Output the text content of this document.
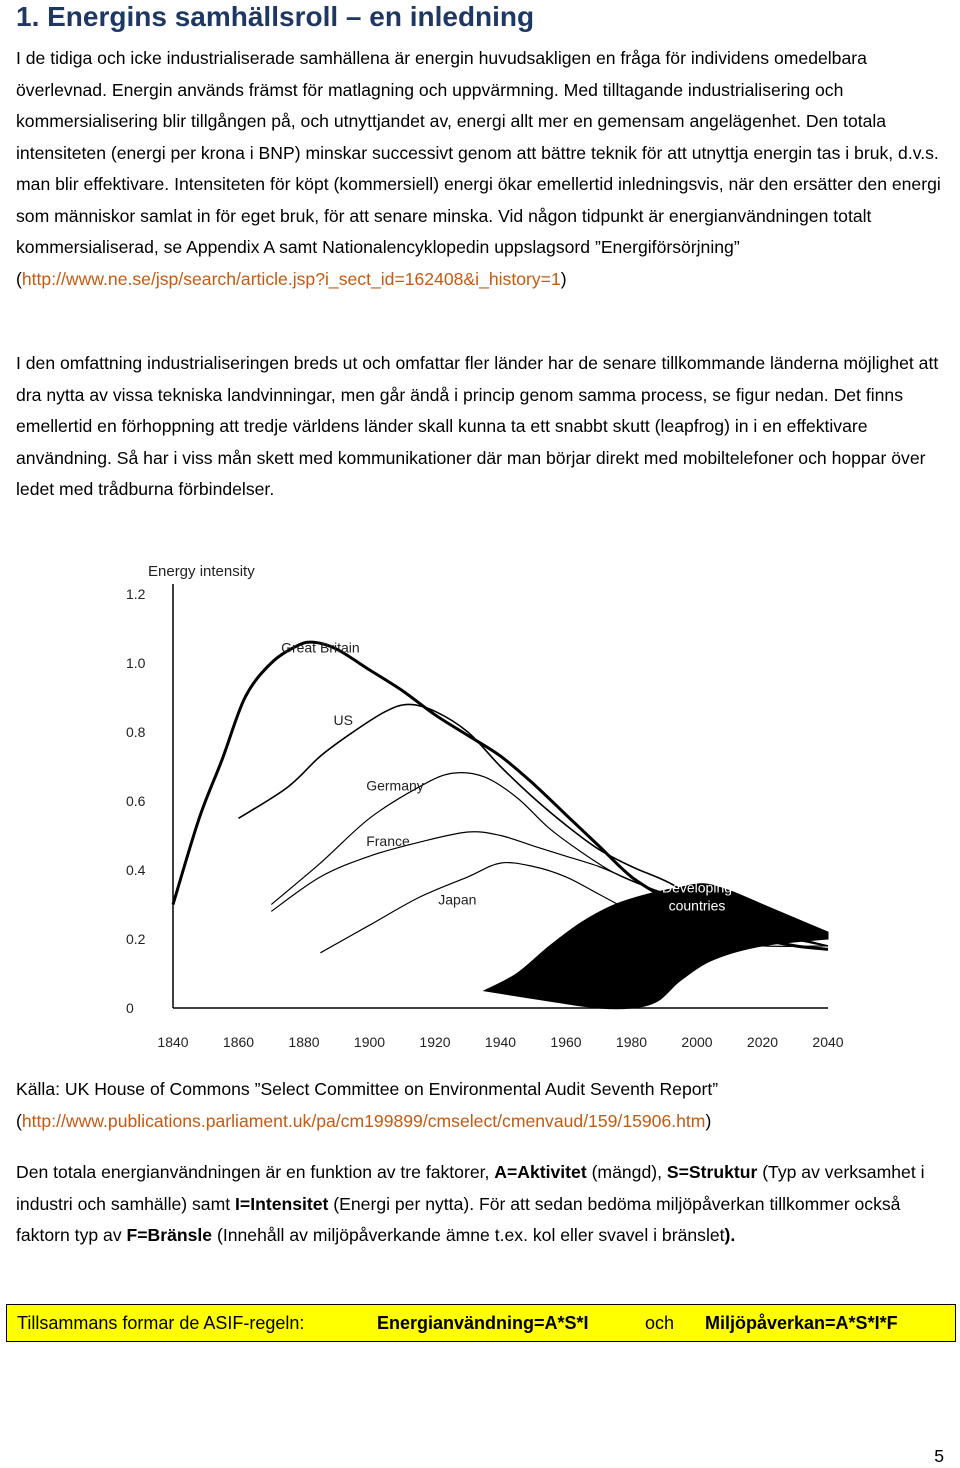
1. Energins samhällsroll – en inledning

I de tidiga och icke industrialiserade samhällena är energin huvudsakligen en fråga för individens omedelbara överlevnad. Energin används främst för matlagning och uppvärmning. Med tilltagande industrialisering och kommersialisering blir tillgången på, och utnyttjandet av, energi allt mer en gemensam angelägenhet. Den totala intensiteten (energi per krona i BNP) minskar successivt genom att bättre teknik för att utnyttja energin tas i bruk, d.v.s. man blir effektivare. Intensiteten för köpt (kommersiell) energi ökar emellertid inledningsvis, när den ersätter den energi som människor samlat in för eget bruk, för att senare minska. Vid någon tidpunkt är energianvändningen totalt kommersialiserad, se Appendix A samt Nationalencyklopedin uppslagsord ”Energiförsörjning” (http://www.ne.se/jsp/search/article.jsp?i_sect_id=162408&i_history=1)

I den omfattning industrialiseringen breds ut och omfattar fler länder har de senare tillkommande länderna möjlighet att dra nytta av vissa tekniska landvinningar, men går ändå i princip genom samma process, se figur nedan. Det finns emellertid en förhoppning att tredje världens länder skall kunna ta ett snabbt skutt (leapfrog) in i en effektivare användning. Så har i viss mån skett med kommunikationer där man börjar direkt med mobiltelefoner och hoppar över ledet med trådburna förbindelser.

Energy intensity
0
0.2
0.4
0.6
0.8
1.0
1.2
1840 1860 1880 1900 1920 1940 1960 1980 2000 2020 2040
Great Britain
US
Germany
France
Japan
Developing
countries

Källa: UK House of Commons ”Select Committee on Environmental Audit Seventh Report” (http://www.publications.parliament.uk/pa/cm199899/cmselect/cmenvaud/159/15906.htm)

Den totala energianvändningen är en funktion av tre faktorer, A=Aktivitet (mängd), S=Struktur (Typ av verksamhet i industri och samhälle) samt I=Intensitet (Energi per nytta). För att sedan bedöma miljöpåverkan tillkommer också faktorn typ av F=Bränsle (Innehåll av miljöpåverkande ämne t.ex. kol eller svavel i bränslet).

Tillsammans formar de ASIF-regeln:	Energianvändning=A*S*I	och Miljöpåverkan=A*S*I*F
5
